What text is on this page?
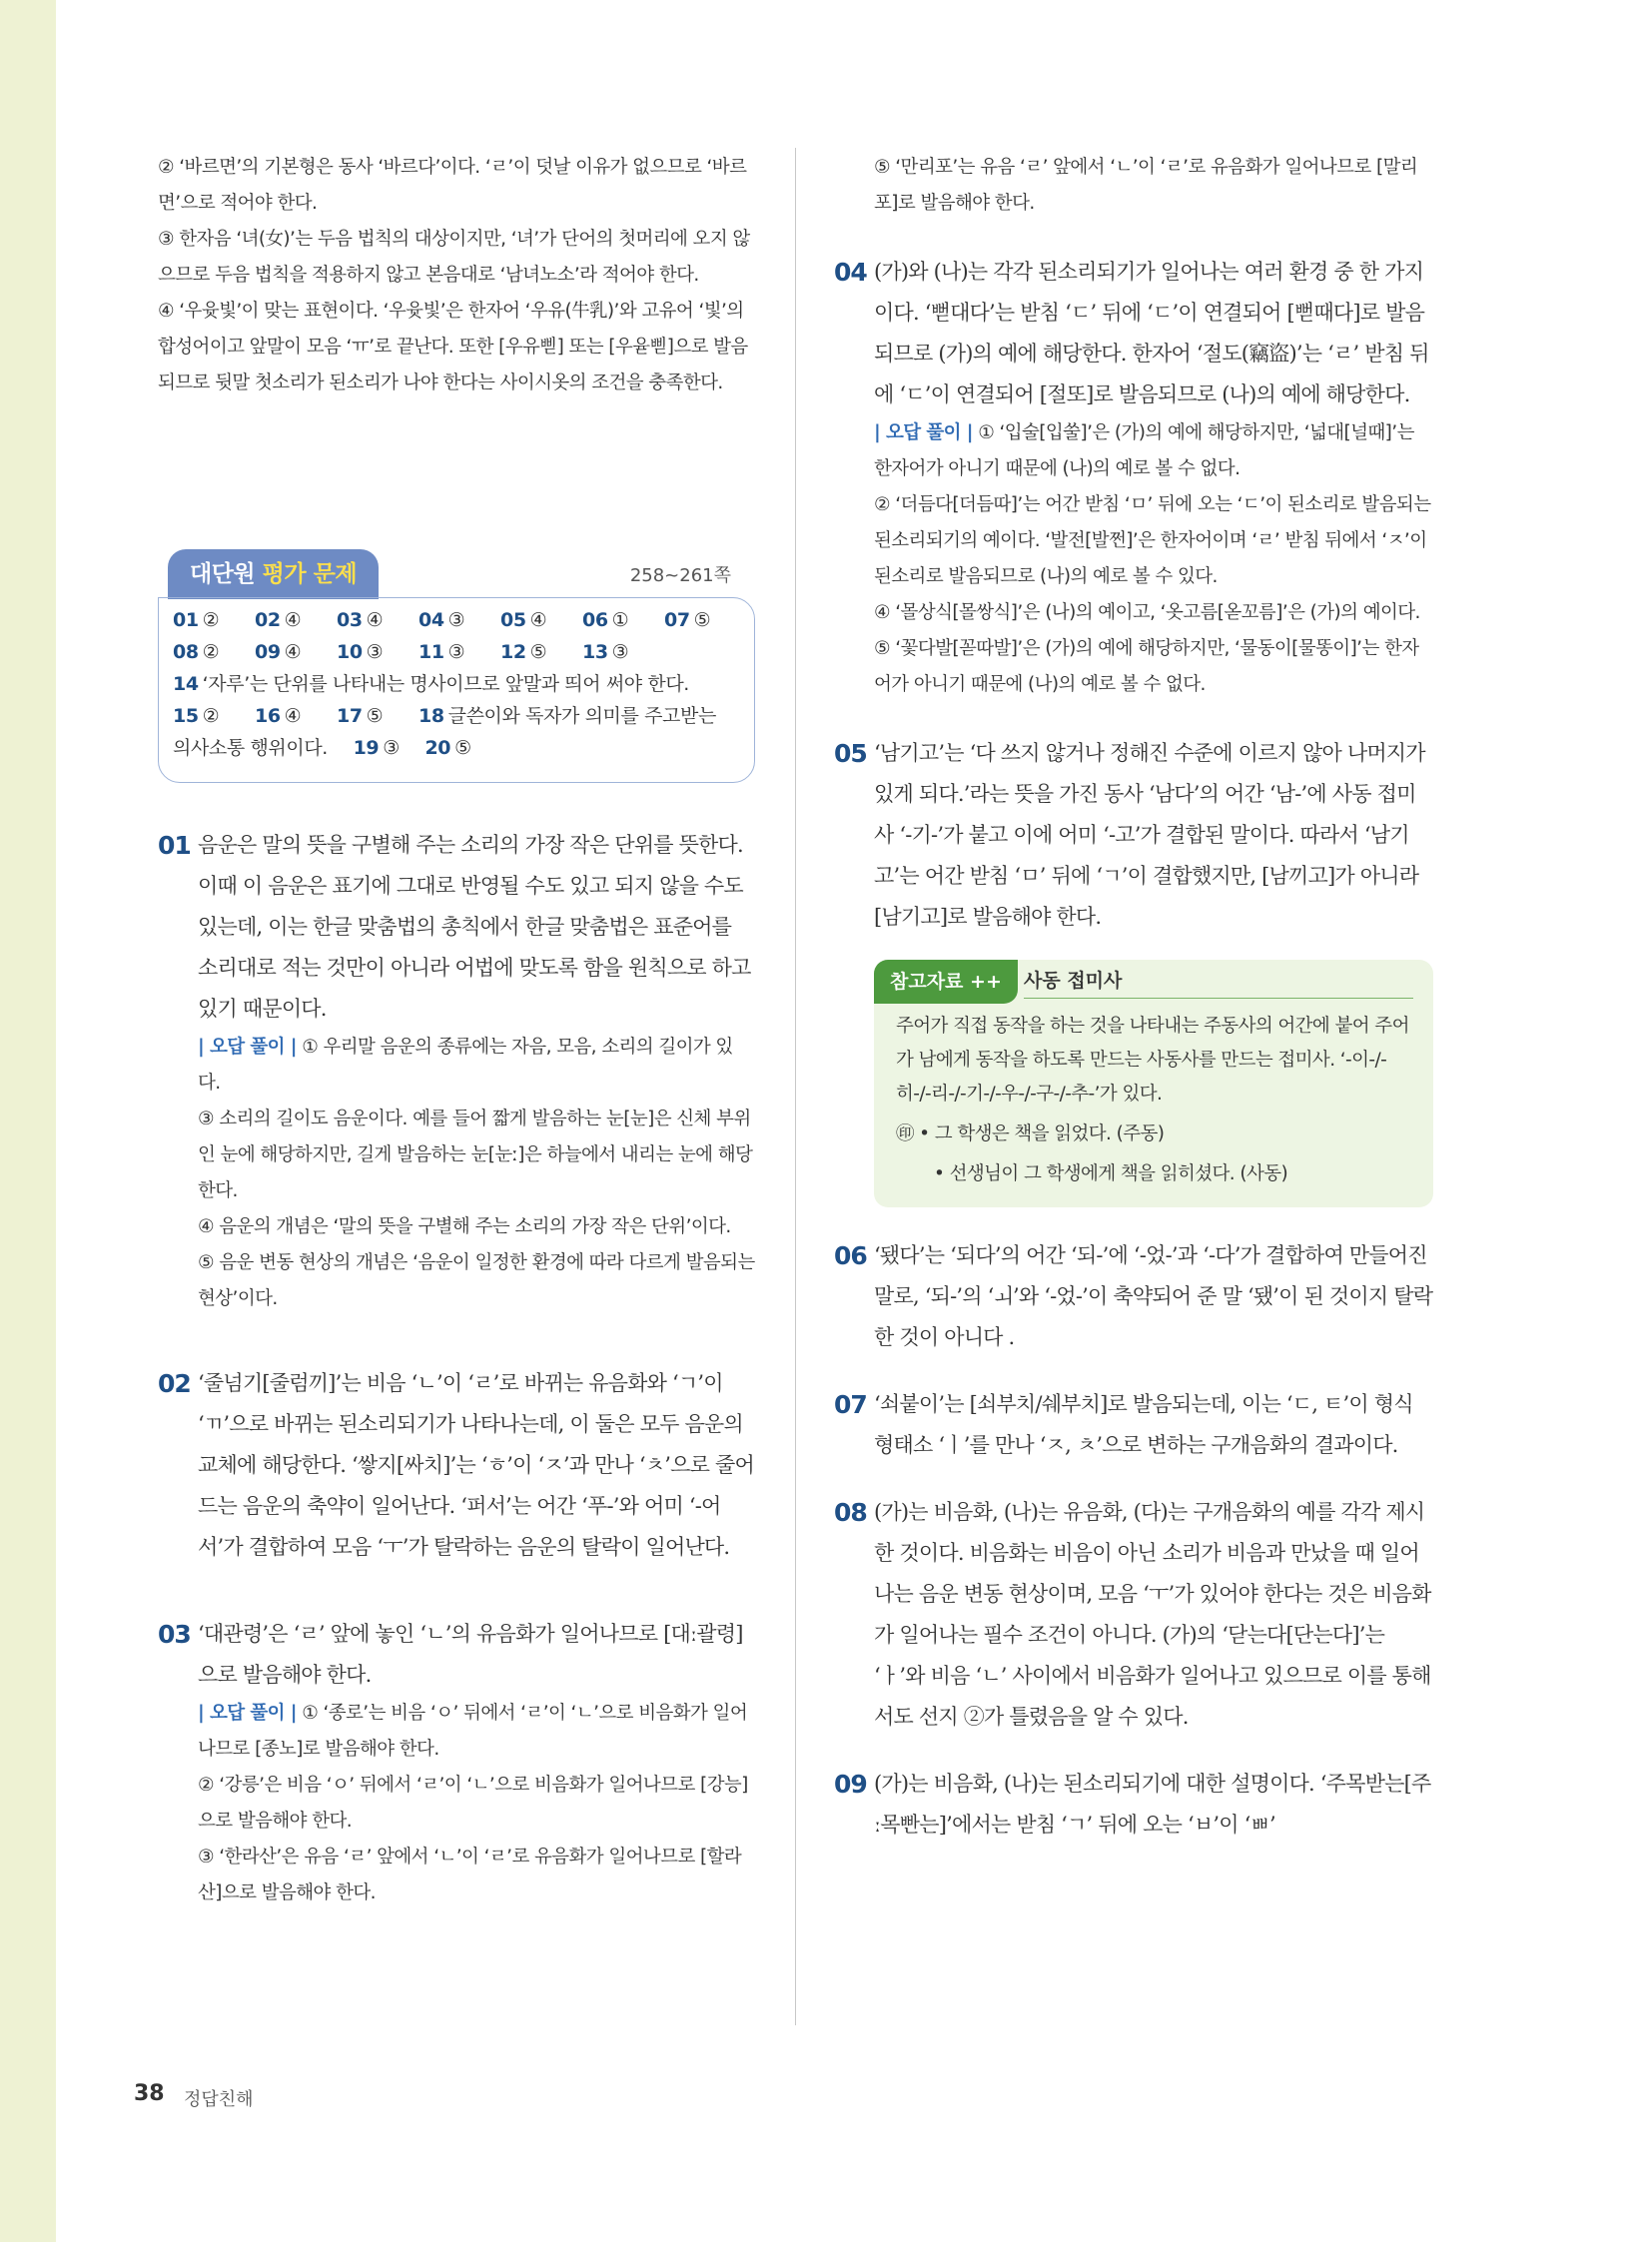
② ‘바르면’의 기본형은 동사 ‘바르다’이다. ‘ㄹ’이 덧날 이유가 없으므로 ‘바르면’으로 적어야 한다.

③ 한자음 ‘녀(女)’는 두음 법칙의 대상이지만, ‘녀’가 단어의 첫머리에 오지 않으므로 두음 법칙을 적용하지 않고 본음대로 ‘남녀노소’라 적어야 한다.

④ ‘우윳빛’이 맞는 표현이다. ‘우윳빛’은 한자어 ‘우유(牛乳)’와 고유어 ‘빛’의 합성어이고 앞말이 모음 ‘ㅠ’로 끝난다. 또한 [우유삗] 또는 [우윧삗]으로 발음되므로 뒷말 첫소리가 된소리가 나야 한다는 사이시옷의 조건을 충족한다.

대단원 평가 문제	258~261쪽
01 ② 02 ④ 03 ④ 04 ③ 05 ④ 06 ① 07 ⑤
08 ② 09 ④ 10 ③ 11 ③ 12 ⑤ 13 ③
14 ‘자루’는 단위를 나타내는 명사이므로 앞말과 띄어 써야 한다.
15 ② 16 ④ 17 ⑤ 18 글쓴이와 독자가 의미를 주고받는
의사소통 행위이다. 19 ③ 20 ⑤
01 음운은 말의 뜻을 구별해 주는 소리의 가장 작은 단위를 뜻한다. 이때 이 음운은 표기에 그대로 반영될 수도 있고 되지 않을 수도 있는데, 이는 한글 맞춤법의 총칙에서 한글 맞춤법은 표준어를 소리대로 적는 것만이 아니라 어법에 맞도록 함을 원칙으로 하고 있기 때문이다.

| 오답 풀이 | ① 우리말 음운의 종류에는 자음, 모음, 소리의 길이가 있다.

③ 소리의 길이도 음운이다. 예를 들어 짧게 발음하는 눈[눈]은 신체 부위인 눈에 해당하지만, 길게 발음하는 눈[눈ː]은 하늘에서 내리는 눈에 해당한다.

④ 음운의 개념은 ‘말의 뜻을 구별해 주는 소리의 가장 작은 단위’이다.

⑤ 음운 변동 현상의 개념은 ‘음운이 일정한 환경에 따라 다르게 발음되는 현상’이다.

02 ‘줄넘기[줄럼끼]’는 비음 ‘ㄴ’이 ‘ㄹ’로 바뀌는 유음화와 ‘ㄱ’이 ‘ㄲ’으로 바뀌는 된소리되기가 나타나는데, 이 둘은 모두 음운의 교체에 해당한다. ‘쌓지[싸치]’는 ‘ㅎ’이 ‘ㅈ’과 만나 ‘ㅊ’으로 줄어드는 음운의 축약이 일어난다. ‘퍼서’는 어간 ‘푸-’와 어미 ‘-어서’가 결합하여 모음 ‘ㅜ’가 탈락하는 음운의 탈락이 일어난다.

03 ‘대관령’은 ‘ㄹ’ 앞에 놓인 ‘ㄴ’의 유음화가 일어나므로 [대ː괄령]으로 발음해야 한다.

| 오답 풀이 | ① ‘종로’는 비음 ‘ㅇ’ 뒤에서 ‘ㄹ’이 ‘ㄴ’으로 비음화가 일어나므로 [종노]로 발음해야 한다.

② ‘강릉’은 비음 ‘ㅇ’ 뒤에서 ‘ㄹ’이 ‘ㄴ’으로 비음화가 일어나므로 [강능]으로 발음해야 한다.

③ ‘한라산’은 유음 ‘ㄹ’ 앞에서 ‘ㄴ’이 ‘ㄹ’로 유음화가 일어나므로 [할라산]으로 발음해야 한다.

⑤ ‘만리포’는 유음 ‘ㄹ’ 앞에서 ‘ㄴ’이 ‘ㄹ’로 유음화가 일어나므로 [말리포]로 발음해야 한다.

04 (가)와 (나)는 각각 된소리되기가 일어나는 여러 환경 중 한 가지이다. ‘뻗대다’는 받침 ‘ㄷ’ 뒤에 ‘ㄷ’이 연결되어 [뻗때다]로 발음되므로 (가)의 예에 해당한다. 한자어 ‘절도(竊盜)’는 ‘ㄹ’ 받침 뒤에 ‘ㄷ’이 연결되어 [절또]로 발음되므로 (나)의 예에 해당한다.

| 오답 풀이 | ① ‘입술[입쑬]’은 (가)의 예에 해당하지만, ‘넓대[널때]’는 한자어가 아니기 때문에 (나)의 예로 볼 수 없다.

② ‘더듬다[더듬따]’는 어간 받침 ‘ㅁ’ 뒤에 오는 ‘ㄷ’이 된소리로 발음되는 된소리되기의 예이다. ‘발전[발쩐]’은 한자어이며 ‘ㄹ’ 받침 뒤에서 ‘ㅈ’이 된소리로 발음되므로 (나)의 예로 볼 수 있다.

④ ‘몰상식[몰쌍식]’은 (나)의 예이고, ‘옷고름[옫꼬름]’은 (가)의 예이다.

⑤ ‘꽃다발[꼳따발]’은 (가)의 예에 해당하지만, ‘물동이[물똥이]’는 한자어가 아니기 때문에 (나)의 예로 볼 수 없다.

05 ‘남기고’는 ‘다 쓰지 않거나 정해진 수준에 이르지 않아 나머지가 있게 되다.’라는 뜻을 가진 동사 ‘남다’의 어간 ‘남-’에 사동 접미사 ‘-기-’가 붙고 이에 어미 ‘-고’가 결합된 말이다. 따라서 ‘남기고’는 어간 받침 ‘ㅁ’ 뒤에 ‘ㄱ’이 결합했지만, [남끼고]가 아니라 [남기고]로 발음해야 한다.

참고자료 ++	사동 접미사
주어가 직접 동작을 하는 것을 나타내는 주동사의 어간에 붙어 주어가 남에게 동작을 하도록 만드는 사동사를 만드는 접미사. ‘-이-/-히-/-리-/-기-/-우-/-구-/-추-’가 있다.
㊞ • 그 학생은 책을 읽었다. (주동)
• 선생님이 그 학생에게 책을 읽히셨다. (사동)
06 ‘됐다’는 ‘되다’의 어간 ‘되-’에 ‘-었-’과 ‘-다’가 결합하여 만들어진 말로, ‘되-’의 ‘ㅚ’와 ‘-었-’이 축약되어 준 말 ‘됐’이 된 것이지 탈락한 것이 아니다 .

07 ‘쇠붙이’는 [쇠부치/쉐부치]로 발음되는데, 이는 ‘ㄷ, ㅌ’이 형식 형태소 ‘ㅣ’를 만나 ‘ㅈ, ㅊ’으로 변하는 구개음화의 결과이다.

08 (가)는 비음화, (나)는 유음화, (다)는 구개음화의 예를 각각 제시한 것이다. 비음화는 비음이 아닌 소리가 비음과 만났을 때 일어나는 음운 변동 현상이며, 모음 ‘ㅜ’가 있어야 한다는 것은 비음화가 일어나는 필수 조건이 아니다. (가)의 ‘닫는다[단는다]’는 ‘ㅏ’와 비음 ‘ㄴ’ 사이에서 비음화가 일어나고 있으므로 이를 통해서도 선지 ②가 틀렸음을 알 수 있다.

09 (가)는 비음화, (나)는 된소리되기에 대한 설명이다. ‘주목받는[주ː목빤는]’에서는 받침 ‘ㄱ’ 뒤에 오는 ‘ㅂ’이 ‘ㅃ’

38 정답친해
